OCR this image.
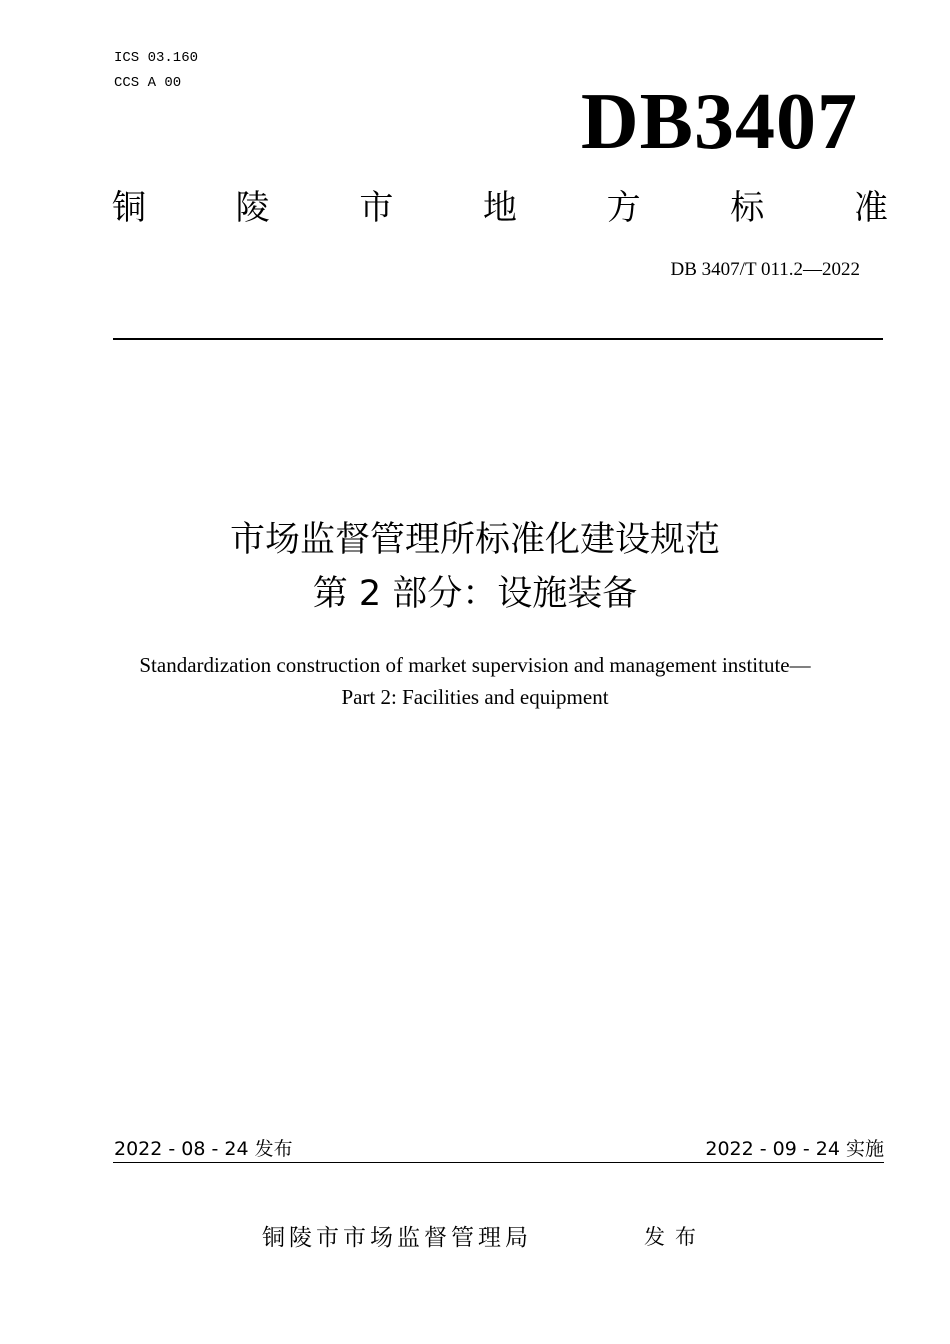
ICS 03.160
CCS A 00	DB3407
铜	陵	市	地	方	标	准
DB 3407/T 011.2—2022
市场监督管理所标准化建设规范
第 2 部分：设施装备
Standardization construction of market supervision and management institute—
Part 2: Facilities and equipment
2022 - 08 - 24 发布	2022 - 09 - 24 实施
铜陵市市场监督管理局	发布
